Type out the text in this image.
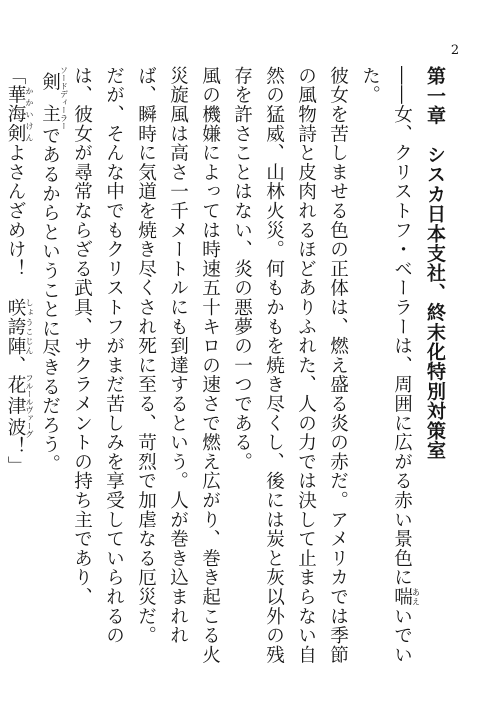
2
第一章　シスカ日本支社、終末化特別対策室

――女、クリストフ・ベーラーは、周囲に広がる赤い景色に喘 あえいでいた。

彼女を苦しませる色の正体は、燃え盛る炎の赤だ。アメリカでは季節の風物詩と皮肉れるほどありふれた、人の力では決して止まらない自然の猛威、山林火災。何もかもを焼き尽くし、後には炭と灰以外の残存を許さことはない、炎の悪夢の一つである。

風の機嫌によっては時速五十キロの速さで燃え広がり、巻き起こる火災旋風は高さ一千メートルにも到達するという。人が巻き込まれれば、瞬時に気道を焼き尽くされ死に至る、苛烈で加虐なる厄災だ。

だが、そんな中でもクリストフがまだ苦しみを享受していられるのは、彼女が尋常ならざる武具、サクラメントの持ち主であり、剣主 ソードディーラーであるからということに尽きるだろう。

「華海剣 かかいけんよさんざめけ！　咲誇陣 しょうこじん、花津波 フルールヴァーグ！」
